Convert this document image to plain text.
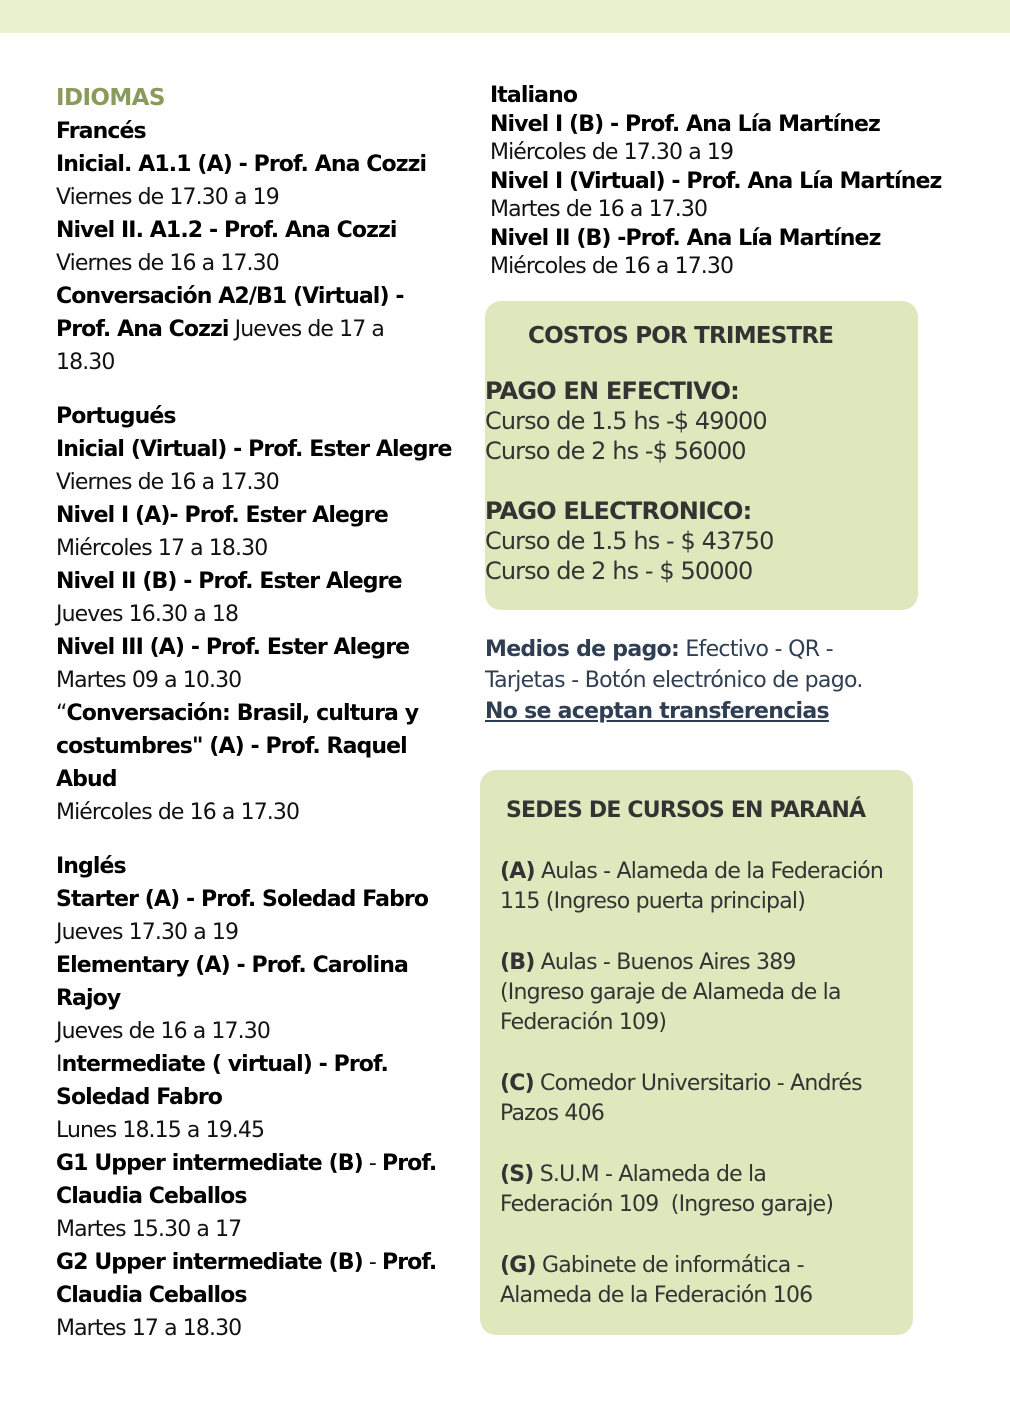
IDIOMAS
Francés
Inicial. A1.1 (A) - Prof. Ana Cozzi
Viernes de 17.30 a 19
Nivel II. A1.2 - Prof. Ana Cozzi
Viernes de 16 a 17.30
Conversación A2/B1 (Virtual) -
Prof. Ana Cozzi Jueves de 17 a
18.30
Portugués
Inicial (Virtual) - Prof. Ester Alegre
Viernes de 16 a 17.30
Nivel I (A)- Prof. Ester Alegre
Miércoles 17 a 18.30
Nivel II (B) - Prof. Ester Alegre
Jueves 16.30 a 18
Nivel III (A) - Prof. Ester Alegre
Martes 09 a 10.30
“Conversación: Brasil, cultura y
costumbres" (A) - Prof. Raquel
Abud
Miércoles de 16 a 17.30
Inglés
Starter (A) - Prof. Soledad Fabro
Jueves 17.30 a 19
Elementary (A) - Prof. Carolina
Rajoy
Jueves de 16 a 17.30
Intermediate ( virtual) - Prof.
Soledad Fabro
Lunes 18.15 a 19.45
G1 Upper intermediate (B) - Prof.
Claudia Ceballos
Martes 15.30 a 17
G2 Upper intermediate (B) - Prof.
Claudia Ceballos
Martes 17 a 18.30
Italiano
Nivel I (B) - Prof. Ana Lía Martínez
Miércoles de 17.30 a 19
Nivel I (Virtual) - Prof. Ana Lía Martínez
Martes de 16 a 17.30
Nivel II (B) -Prof. Ana Lía Martínez
Miércoles de 16 a 17.30
COSTOS POR TRIMESTRE
PAGO EN EFECTIVO:
Curso de 1.5 hs -$ 49000
Curso de 2 hs -$ 56000
PAGO ELECTRONICO:
Curso de 1.5 hs - $ 43750
Curso de 2 hs - $ 50000
Medios de pago: Efectivo - QR -
Tarjetas - Botón electrónico de pago.
No se aceptan transferencias
SEDES DE CURSOS EN PARANÁ
(A) Aulas - Alameda de la Federación
115 (Ingreso puerta principal)
(B) Aulas - Buenos Aires 389
(Ingreso garaje de Alameda de la
Federación 109)
(C) Comedor Universitario - Andrés
Pazos 406
(S) S.U.M - Alameda de la
Federación 109  (Ingreso garaje)
(G) Gabinete de informática -
Alameda de la Federación 106
